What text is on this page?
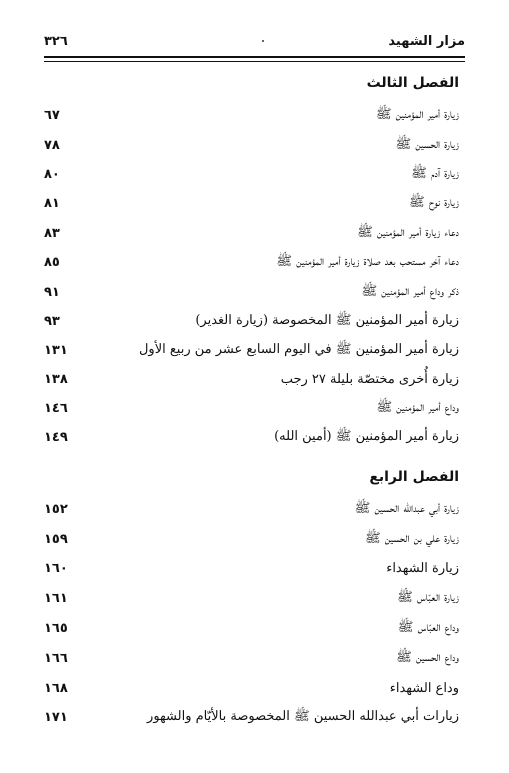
مزار الشهيد
٣٢٦
الفصل الثالث
زيارة أمير المؤمنين ﷺ
٦٧
زيارة الحسين ﷺ
٧٨
زيارة آدم ﷺ
٨٠
زيارة نوح ﷺ
٨١
دعاء زيارة أمير المؤمنين ﷺ
٨٣
دعاء آخر مستحب بعد صلاة زيارة أمير المؤمنين ﷺ
٨٥
ذكر وداع أمير المؤمنين ﷺ
٩١
زيارة أمير المؤمنين ﷺ المخصوصة (زيارة الغدير)
٩٣
زيارة أمير المؤمنين ﷺ في اليوم السابع عشر من ربيع الأول
١٣١
زيارة أُخرى مختصّة بليلة ٢٧ رجب
١٣٨
وداع أمير المؤمنين ﷺ
١٤٦
زيارة أمير المؤمنين ﷺ (أمين الله)
١٤٩
الفصل الرابع
زيارة أبي عبدالله الحسين ﷺ
١٥٢
زيارة علي بن الحسين ﷺ
١٥٩
زيارة الشهداء
١٦٠
زيارة العبّاس ﷺ
١٦١
وداع العبّاس ﷺ
١٦٥
وداع الحسين ﷺ
١٦٦
وداع الشهداء
١٦٨
زيارات أبي عبدالله الحسين ﷺ المخصوصة بالأيّام والشهور
١٧١
